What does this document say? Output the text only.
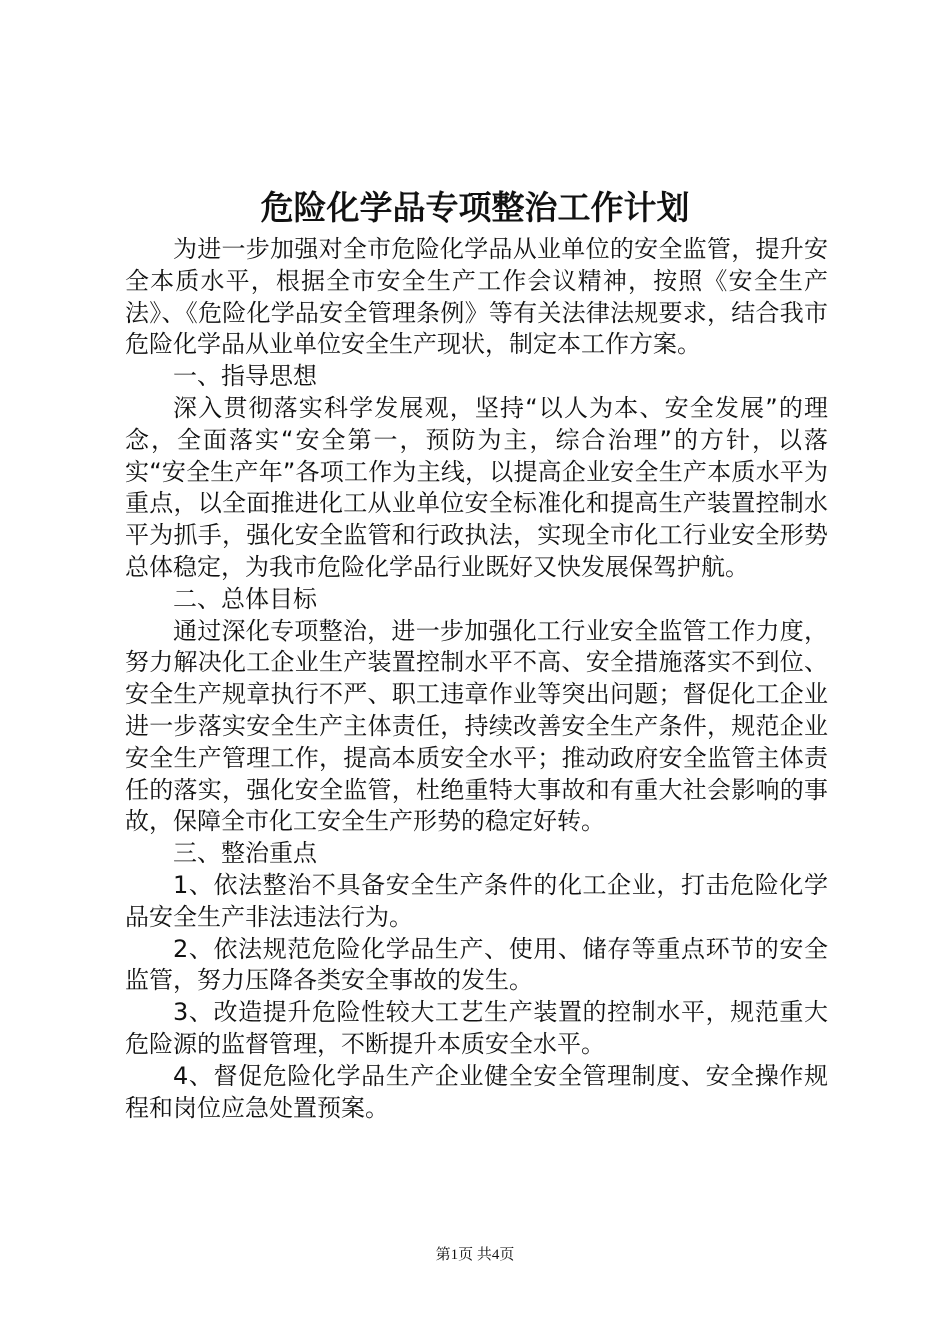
危险化学品专项整治工作计划

为进一步加强对全市危险化学品从业单位的安全监管，提升安全本质水平，根据全市安全生产工作会议精神，按照《安全生产法》、《危险化学品安全管理条例》等有关法律法规要求，结合我市危险化学品从业单位安全生产现状，制定本工作方案。

一、指导思想

深入贯彻落实科学发展观，坚持“以人为本、安全发展”的理念，全面落实“安全第一，预防为主，综合治理”的方针，以落实“安全生产年”各项工作为主线，以提高企业安全生产本质水平为重点，以全面推进化工从业单位安全标准化和提高生产装置控制水平为抓手，强化安全监管和行政执法，实现全市化工行业安全形势总体稳定，为我市危险化学品行业既好又快发展保驾护航。

二、总体目标

通过深化专项整治，进一步加强化工行业安全监管工作力度，努力解决化工企业生产装置控制水平不高、安全措施落实不到位、安全生产规章执行不严、职工违章作业等突出问题；督促化工企业进一步落实安全生产主体责任，持续改善安全生产条件，规范企业安全生产管理工作，提高本质安全水平；推动政府安全监管主体责任的落实，强化安全监管，杜绝重特大事故和有重大社会影响的事故，保障全市化工安全生产形势的稳定好转。

三、整治重点

1、依法整治不具备安全生产条件的化工企业，打击危险化学品安全生产非法违法行为。

2、依法规范危险化学品生产、使用、储存等重点环节的安全监管，努力压降各类安全事故的发生。

3、改造提升危险性较大工艺生产装置的控制水平，规范重大危险源的监督管理，不断提升本质安全水平。

4、督促危险化学品生产企业健全安全管理制度、安全操作规程和岗位应急处置预案。

第1页 共4页
